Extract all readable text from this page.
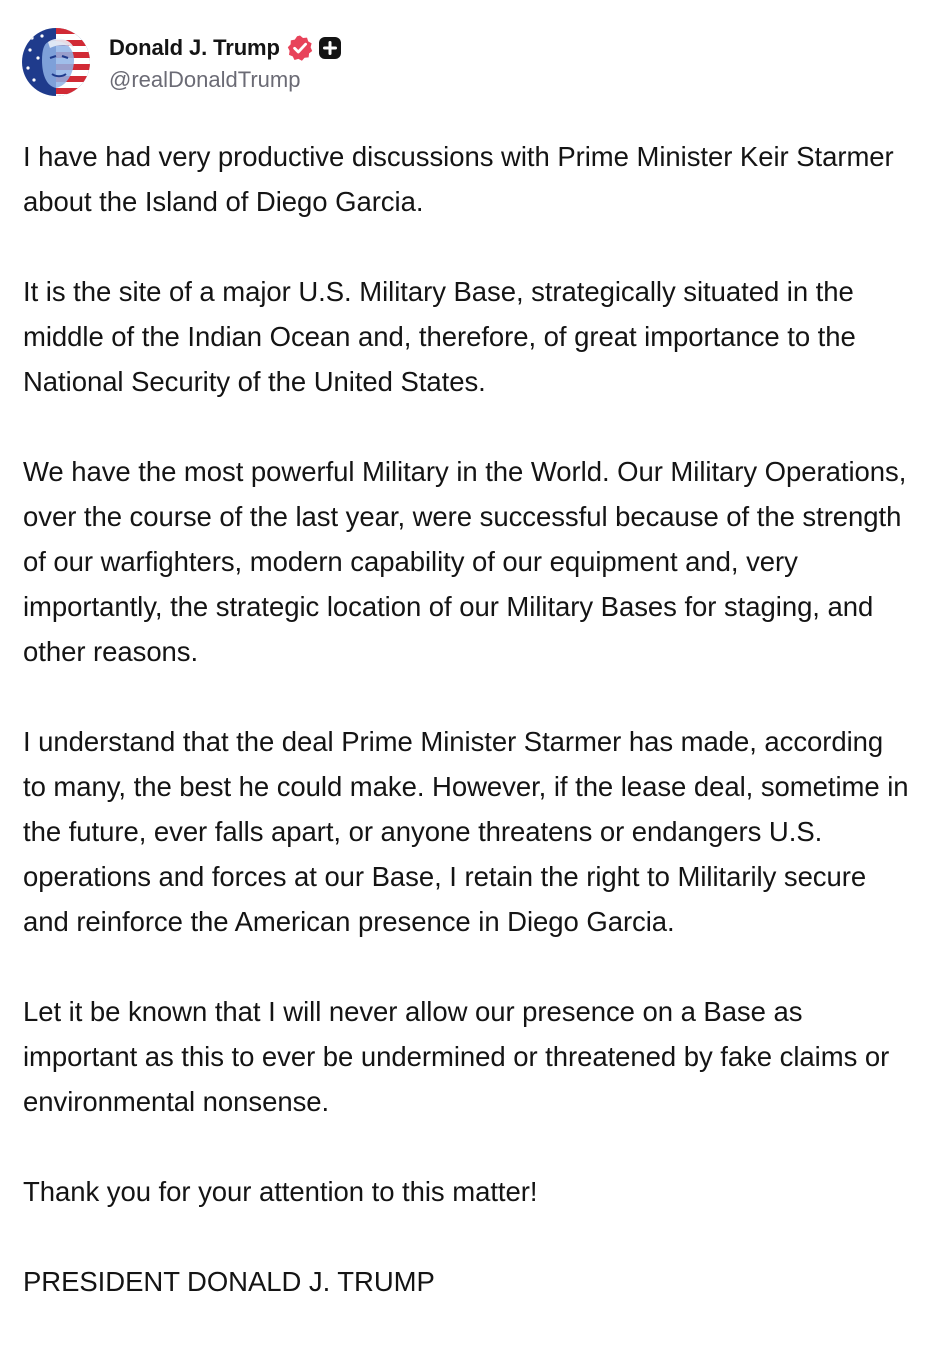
Donald J. Trump
@realDonaldTrump

I have had very productive discussions with Prime Minister Keir Starmer about the Island of Diego Garcia.

It is the site of a major U.S. Military Base, strategically situated in the middle of the Indian Ocean and, therefore, of great importance to the National Security of the United States.

We have the most powerful Military in the World. Our Military Operations, over the course of the last year, were successful because of the strength of our warfighters, modern capability of our equipment and, very importantly, the strategic location of our Military Bases for staging, and other reasons.

I understand that the deal Prime Minister Starmer has made, according to many, the best he could make. However, if the lease deal, sometime in the future, ever falls apart, or anyone threatens or endangers U.S. operations and forces at our Base, I retain the right to Militarily secure and reinforce the American presence in Diego Garcia.

Let it be known that I will never allow our presence on a Base as important as this to ever be undermined or threatened by fake claims or environmental nonsense.

Thank you for your attention to this matter!

PRESIDENT DONALD J. TRUMP
